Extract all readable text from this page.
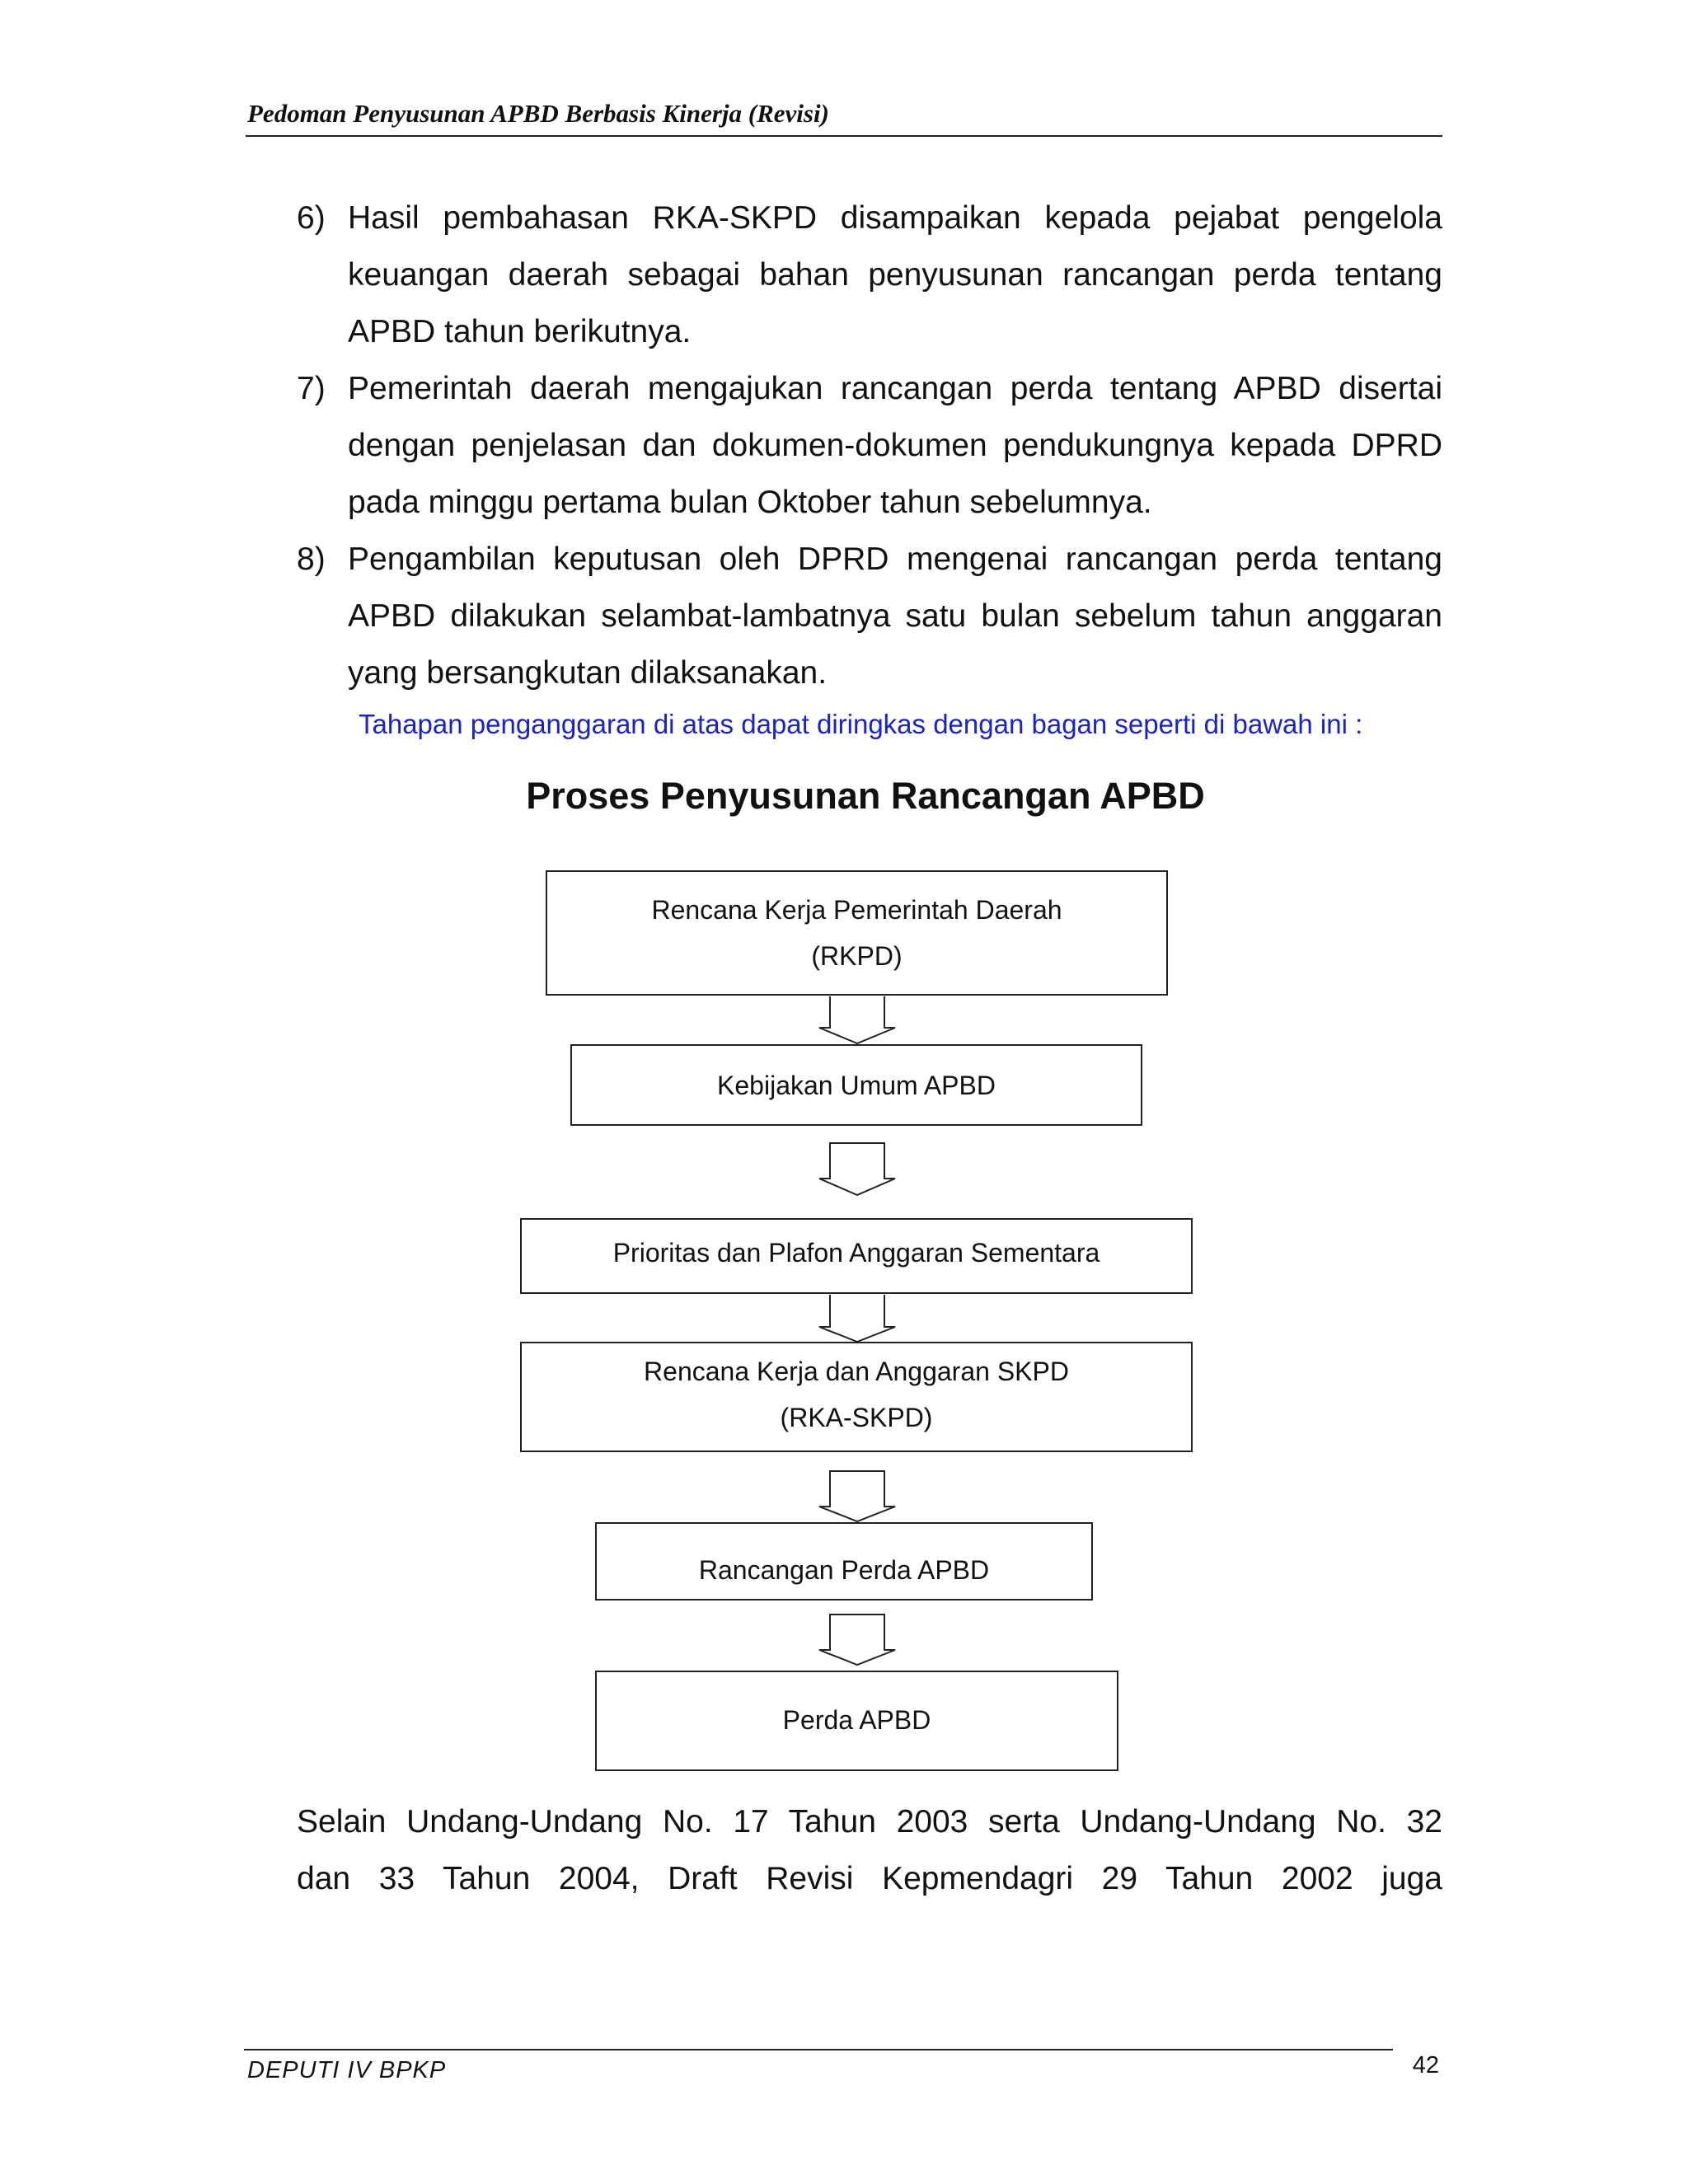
Pedoman Penyusunan APBD Berbasis Kinerja (Revisi)
6) Hasil pembahasan RKA-SKPD disampaikan kepada pejabat pengelola keuangan daerah sebagai bahan penyusunan rancangan perda tentang APBD tahun berikutnya.
7) Pemerintah daerah mengajukan rancangan perda tentang APBD disertai dengan penjelasan dan dokumen-dokumen pendukungnya kepada DPRD pada minggu pertama bulan Oktober tahun sebelumnya.
8) Pengambilan keputusan oleh DPRD mengenai rancangan perda tentang APBD dilakukan selambat-lambatnya satu bulan sebelum tahun anggaran yang bersangkutan dilaksanakan.
Tahapan penganggaran di atas dapat diringkas dengan bagan seperti di bawah ini :
Proses Penyusunan Rancangan APBD
Rencana Kerja Pemerintah Daerah
(RKPD)
Kebijakan Umum APBD
Prioritas dan Plafon Anggaran Sementara
Rencana Kerja dan Anggaran SKPD
(RKA-SKPD)
Rancangan Perda APBD
Perda APBD
Selain Undang-Undang No. 17 Tahun 2003 serta Undang-Undang No. 32 dan 33 Tahun 2004, Draft Revisi Kepmendagri 29 Tahun 2002 juga
DEPUTI IV BPKP	42
